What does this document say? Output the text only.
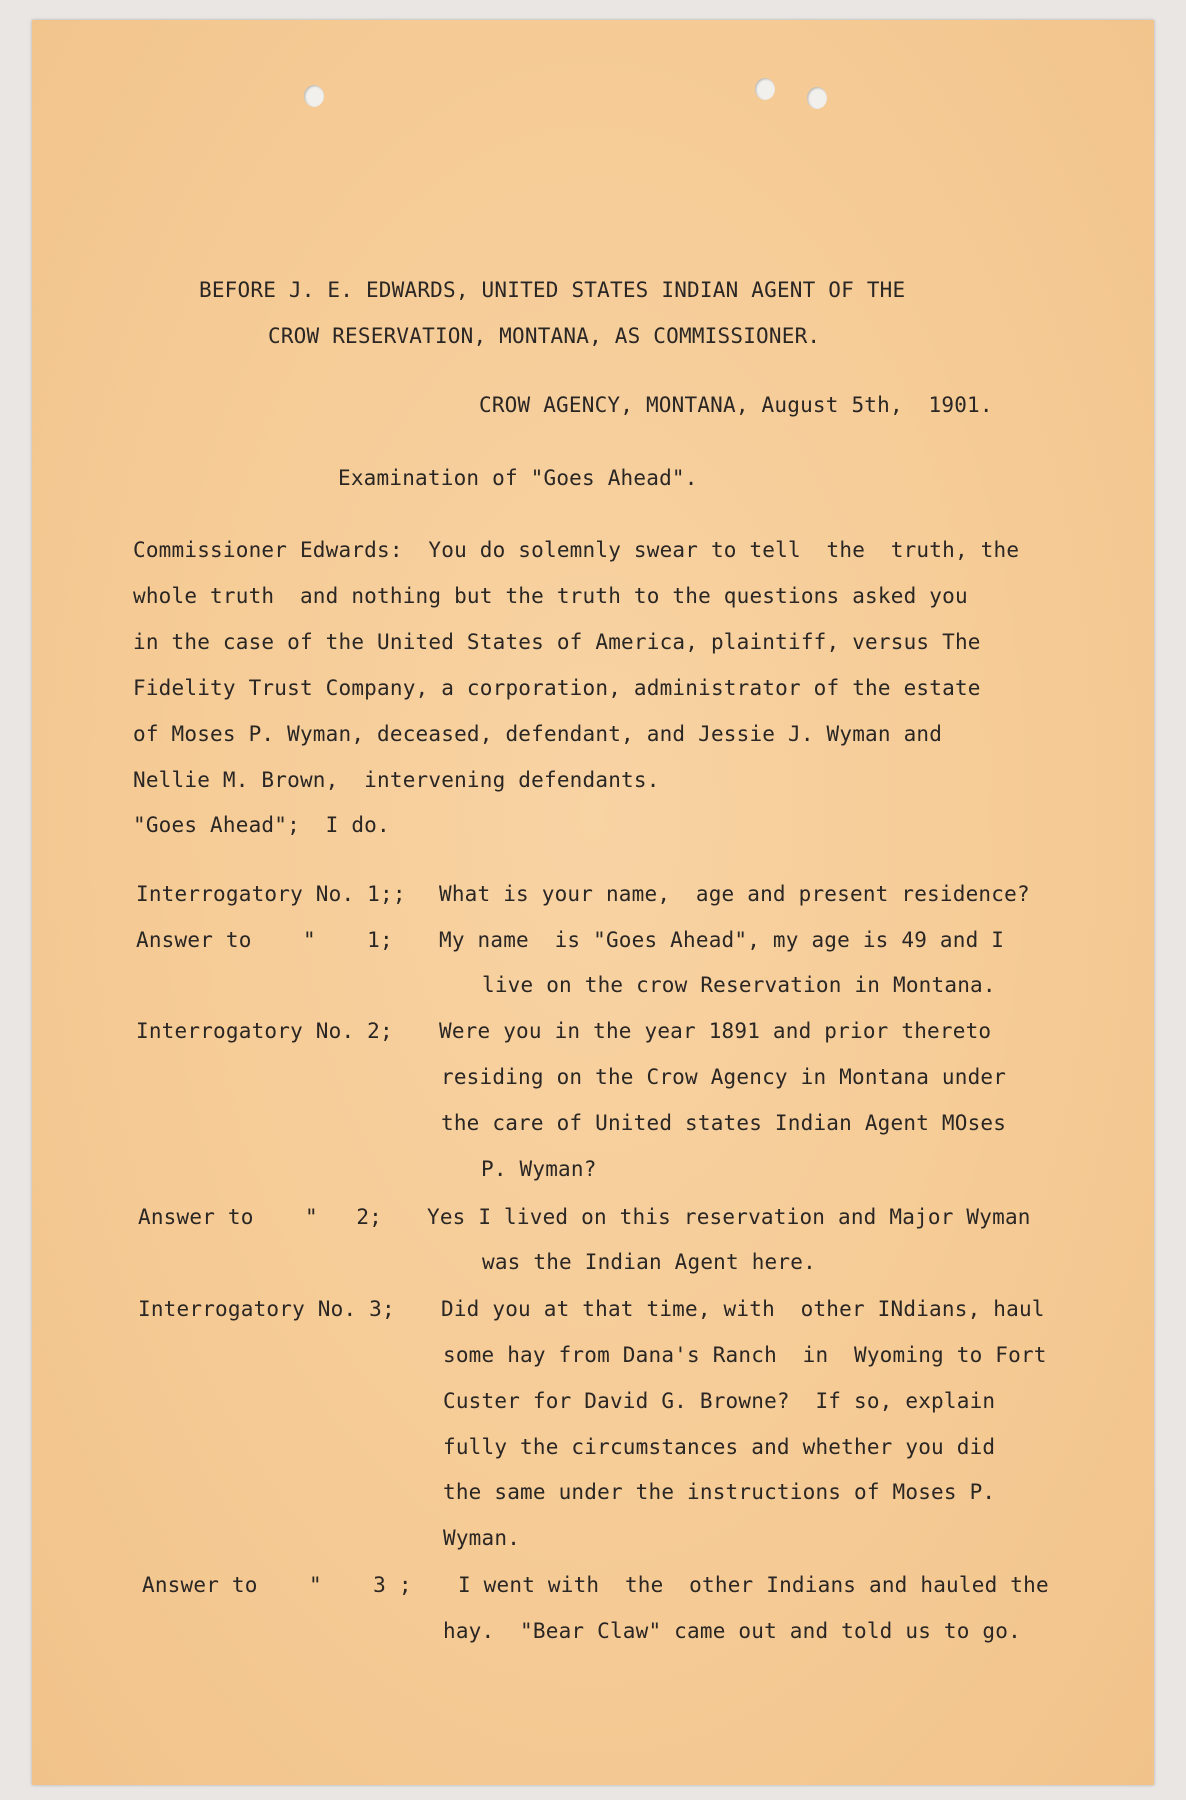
BEFORE J. E. EDWARDS, UNITED STATES INDIAN AGENT OF THE
CROW RESERVATION, MONTANA, AS COMMISSIONER.
CROW AGENCY, MONTANA, August 5th,  1901.
Examination of "Goes Ahead".
Commissioner Edwards:  You do solemnly swear to tell  the  truth, the
whole truth  and nothing but the truth to the questions asked you
in the case of the United States of America, plaintiff, versus The
Fidelity Trust Company, a corporation, administrator of the estate
of Moses P. Wyman, deceased, defendant, and Jessie J. Wyman and
Nellie M. Brown,  intervening defendants.
"Goes Ahead";  I do.
Interrogatory No. 1;; What is your name,  age and present residence?
Answer to    "    1; My name  is "Goes Ahead", my age is 49 and I
live on the crow Reservation in Montana.
Interrogatory No. 2; Were you in the year 1891 and prior thereto
residing on the Crow Agency in Montana under
the care of United states Indian Agent MOses
P. Wyman?
Answer to    "   2; Yes I lived on this reservation and Major Wyman
was the Indian Agent here.
Interrogatory No. 3; Did you at that time, with  other INdians, haul
some hay from Dana's Ranch  in  Wyoming to Fort
Custer for David G. Browne?  If so, explain
fully the circumstances and whether you did
the same under the instructions of Moses P.
Wyman.
Answer to    "    3 ; I went with  the  other Indians and hauled the
hay.  "Bear Claw" came out and told us to go.
